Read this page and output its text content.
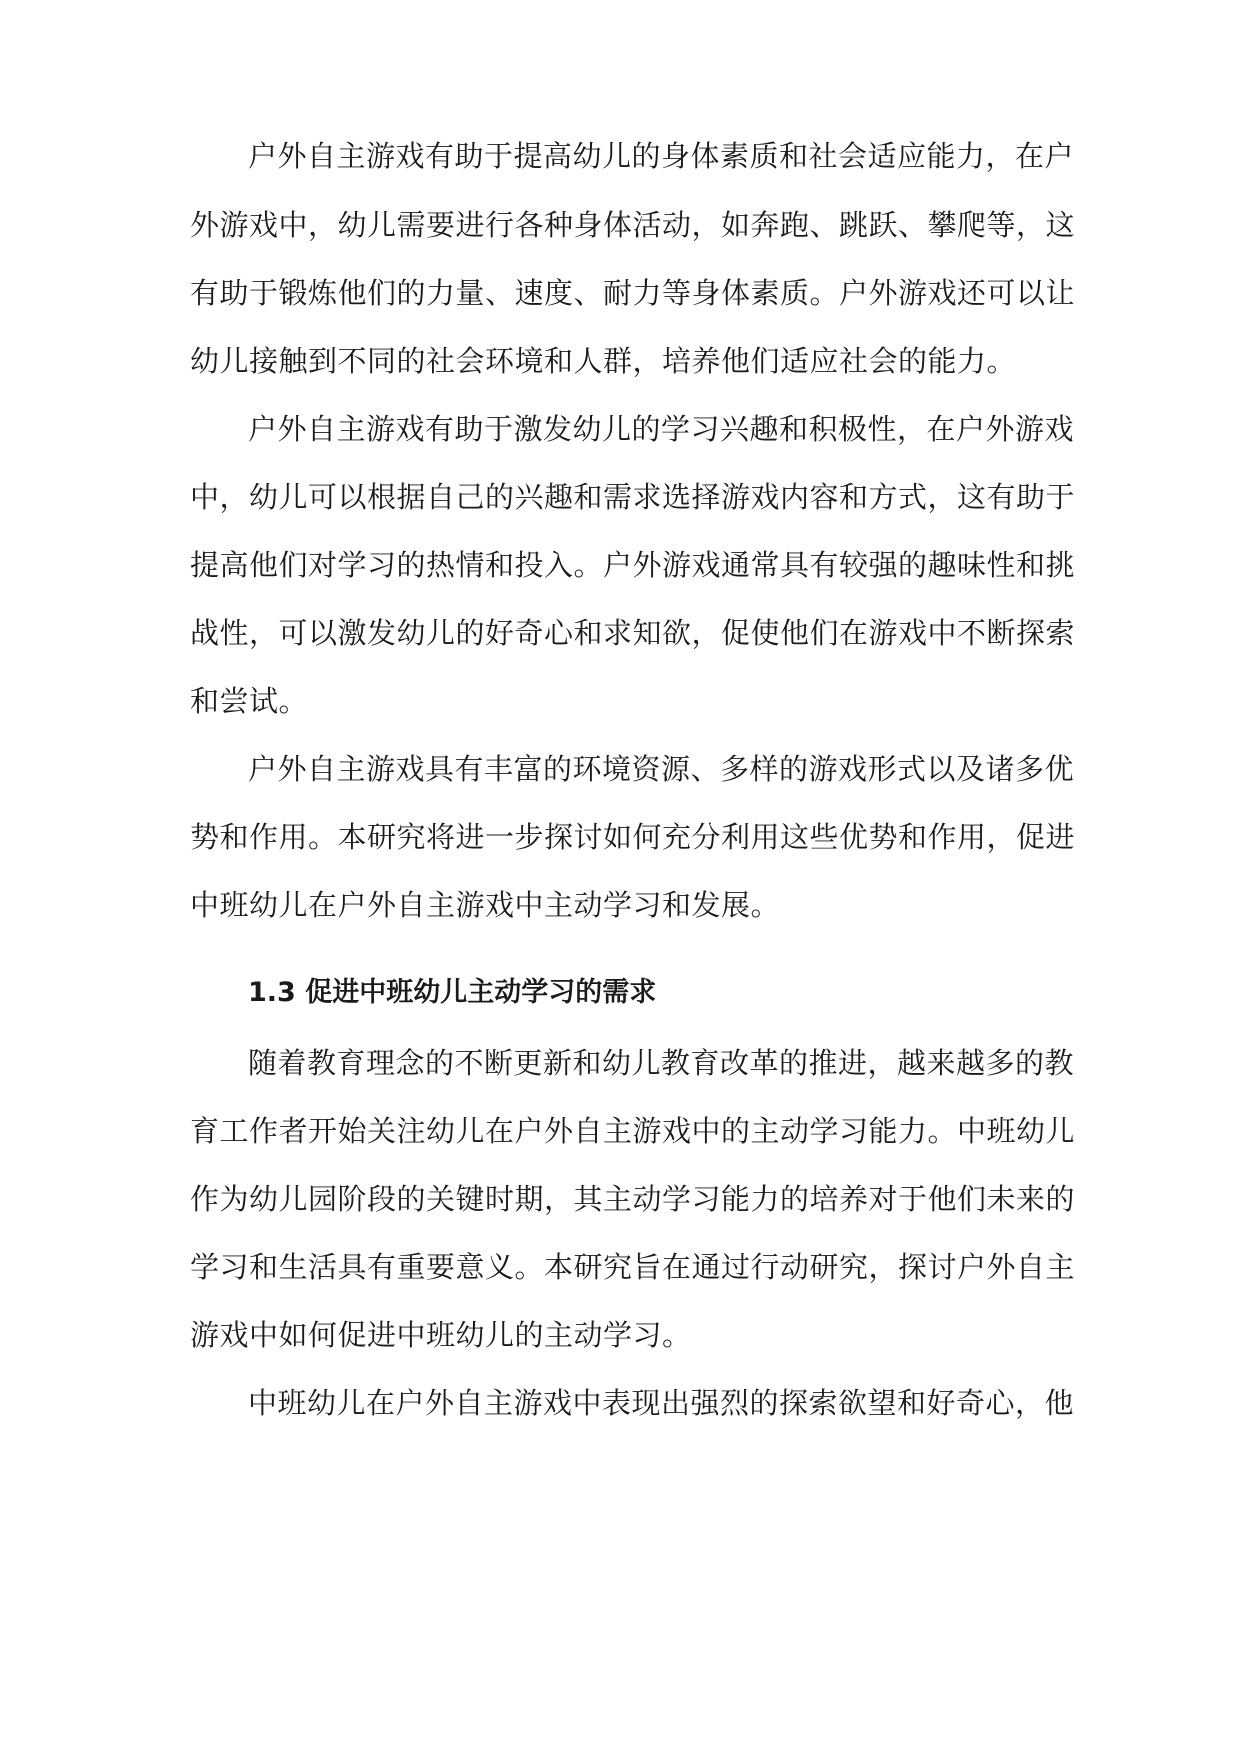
户外自主游戏有助于提高幼儿的身体素质和社会适应能力，在户
外游戏中，幼儿需要进行各种身体活动，如奔跑、跳跃、攀爬等，这
有助于锻炼他们的力量、速度、耐力等身体素质。户外游戏还可以让
幼儿接触到不同的社会环境和人群，培养他们适应社会的能力。
户外自主游戏有助于激发幼儿的学习兴趣和积极性，在户外游戏
中，幼儿可以根据自己的兴趣和需求选择游戏内容和方式，这有助于
提高他们对学习的热情和投入。户外游戏通常具有较强的趣味性和挑
战性，可以激发幼儿的好奇心和求知欲，促使他们在游戏中不断探索
和尝试。
户外自主游戏具有丰富的环境资源、多样的游戏形式以及诸多优
势和作用。本研究将进一步探讨如何充分利用这些优势和作用，促进
中班幼儿在户外自主游戏中主动学习和发展。
1.3 促进中班幼儿主动学习的需求
随着教育理念的不断更新和幼儿教育改革的推进，越来越多的教
育工作者开始关注幼儿在户外自主游戏中的主动学习能力。中班幼儿
作为幼儿园阶段的关键时期，其主动学习能力的培养对于他们未来的
学习和生活具有重要意义。本研究旨在通过行动研究，探讨户外自主
游戏中如何促进中班幼儿的主动学习。
中班幼儿在户外自主游戏中表现出强烈的探索欲望和好奇心，他
